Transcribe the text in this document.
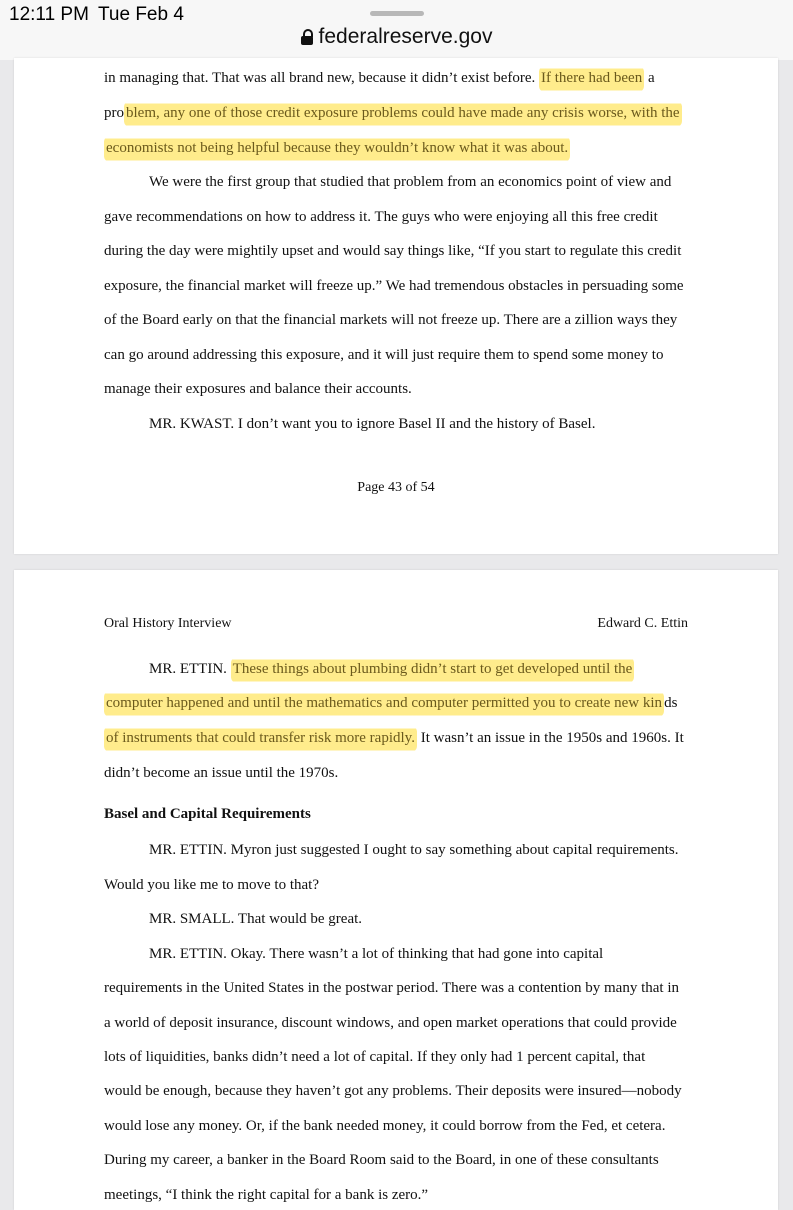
12:11 PM Tue Feb 4
federalreserve.gov
in managing that. That was all brand new, because it didn’t exist before. If there had been a
pro blem, any one of those credit exposure problems could have made any crisis worse, with the
economists not being helpful because they wouldn’t know what it was about.
We were the first group that studied that problem from an economics point of view and
gave recommendations on how to address it. The guys who were enjoying all this free credit
during the day were mightily upset and would say things like, “If you start to regulate this credit
exposure, the financial market will freeze up.” We had tremendous obstacles in persuading some
of the Board early on that the financial markets will not freeze up. There are a zillion ways they
can go around addressing this exposure, and it will just require them to spend some money to
manage their exposures and balance their accounts.
MR. KWAST. I don’t want you to ignore Basel II and the history of Basel.
Page 43 of 54
Oral History Interview	Edward C. Ettin
MR. ETTIN. These things about plumbing didn’t start to get developed until the
computer happened and until the mathematics and computer permitted you to create new kin ds
of instruments that could transfer risk more rapidly. It wasn’t an issue in the 1950s and 1960s. It
didn’t become an issue until the 1970s.
Basel and Capital Requirements
MR. ETTIN. Myron just suggested I ought to say something about capital requirements.
Would you like me to move to that?
MR. SMALL. That would be great.
MR. ETTIN. Okay. There wasn’t a lot of thinking that had gone into capital
requirements in the United States in the postwar period. There was a contention by many that in
a world of deposit insurance, discount windows, and open market operations that could provide
lots of liquidities, banks didn’t need a lot of capital. If they only had 1 percent capital, that
would be enough, because they haven’t got any problems. Their deposits were insured—nobody
would lose any money. Or, if the bank needed money, it could borrow from the Fed, et cetera.
During my career, a banker in the Board Room said to the Board, in one of these consultants
meetings, “I think the right capital for a bank is zero.”
